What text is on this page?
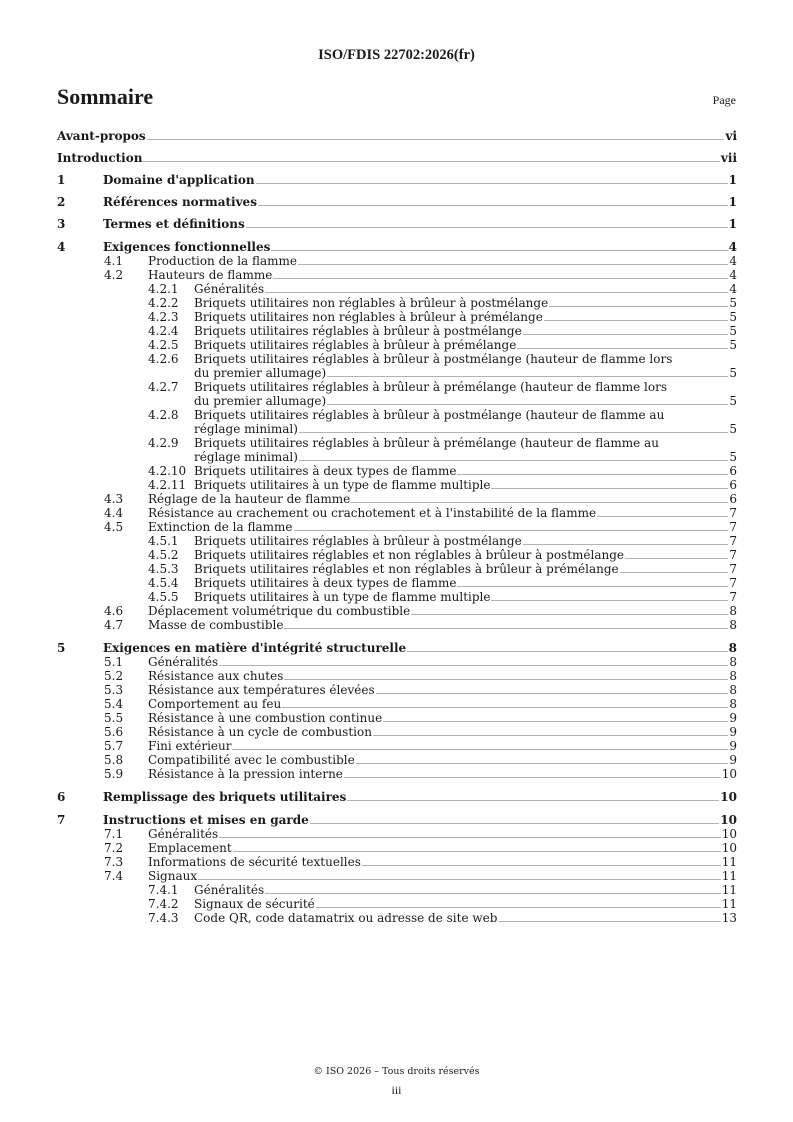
ISO/FDIS 22702:2026(fr)
Sommaire	Page
Avant-propos	vi
Introduction	vii
1	Domaine d'application	1
2	Références normatives	1
3	Termes et définitions	1
4	Exigences fonctionnelles	4
4.1	Production de la flamme	4
4.2	Hauteurs de flamme	4
4.2.1	Généralités	4
4.2.2	Briquets utilitaires non réglables à brûleur à postmélange	5
4.2.3	Briquets utilitaires non réglables à brûleur à prémélange	5
4.2.4	Briquets utilitaires réglables à brûleur à postmélange	5
4.2.5	Briquets utilitaires réglables à brûleur à prémélange	5
4.2.6	Briquets utilitaires réglables à brûleur à postmélange (hauteur de flamme lors
du premier allumage)	5
4.2.7	Briquets utilitaires réglables à brûleur à prémélange (hauteur de flamme lors
du premier allumage)	5
4.2.8	Briquets utilitaires réglables à brûleur à postmélange (hauteur de flamme au
réglage minimal)	5
4.2.9	Briquets utilitaires réglables à brûleur à prémélange (hauteur de flamme au
réglage minimal)	5
4.2.10 Briquets utilitaires à deux types de flamme	6
4.2.11 Briquets utilitaires à un type de flamme multiple	6
4.3	Réglage de la hauteur de flamme	6
4.4	Résistance au crachement ou crachotement et à l'instabilité de la flamme	7
4.5	Extinction de la flamme	7
4.5.1	Briquets utilitaires réglables à brûleur à postmélange	7
4.5.2	Briquets utilitaires réglables et non réglables à brûleur à postmélange	7
4.5.3	Briquets utilitaires réglables et non réglables à brûleur à prémélange	7
4.5.4	Briquets utilitaires à deux types de flamme	7
4.5.5	Briquets utilitaires à un type de flamme multiple	7
4.6	Déplacement volumétrique du combustible	8
4.7	Masse de combustible	8
5	Exigences en matière d'intégrité structurelle	8
5.1	Généralités	8
5.2	Résistance aux chutes	8
5.3	Résistance aux températures élevées	8
5.4	Comportement au feu	8
5.5	Résistance à une combustion continue	9
5.6	Résistance à un cycle de combustion	9
5.7	Fini extérieur	9
5.8	Compatibilité avec le combustible	9
5.9	Résistance à la pression interne	10
6	Remplissage des briquets utilitaires	10
7	Instructions et mises en garde	10
7.1	Généralités	10
7.2	Emplacement	10
7.3	Informations de sécurité textuelles	11
7.4	Signaux	11
7.4.1	Généralités	11
7.4.2	Signaux de sécurité	11
7.4.3	Code QR, code datamatrix ou adresse de site web	13
© ISO 2026 – Tous droits réservés
iii
